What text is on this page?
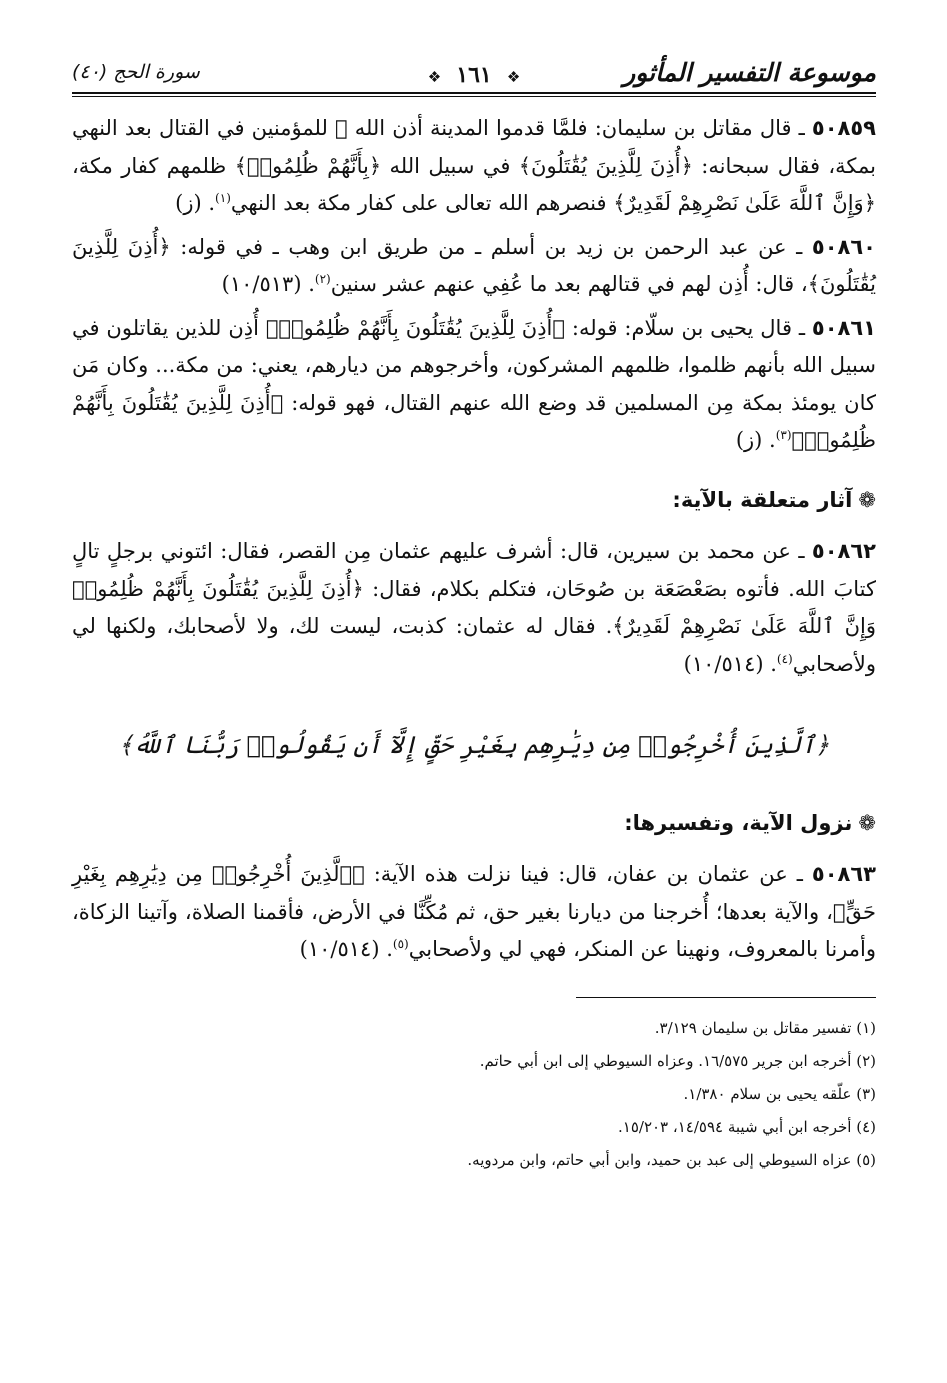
موسوعة التفسير المأثور
❖ ١٦١ ❖
سورة الحج (٤٠)

٥٠٨٥٩ ـ قال مقاتل بن سليمان: فلمَّا قدموا المدينة أذن الله ﷻ للمؤمنين في القتال بعد النهي بمكة، فقال سبحانه: ﴿أُذِنَ لِلَّذِينَ يُقَٰتَلُونَ﴾ في سبيل الله ﴿بِأَنَّهُمْ ظُلِمُوا۟﴾ ظلمهم كفار مكة، ﴿وَإِنَّ ٱللَّهَ عَلَىٰ نَصْرِهِمْ لَقَدِيرٌ﴾ فنصرهم الله تعالى على كفار مكة بعد النهي$^{(١)}$. (ز)

٥٠٨٦٠ ـ عن عبد الرحمن بن زيد بن أسلم ـ من طريق ابن وهب ـ في قوله: ﴿أُذِنَ لِلَّذِينَ يُقَٰتَلُونَ﴾، قال: أُذِن لهم في قتالهم بعد ما عُفِي عنهم عشر سنين$^{(٢)}$. (١٠/٥١٣)

٥٠٨٦١ ـ قال يحيى بن سلّام: قوله: ﴿أُذِنَ لِلَّذِينَ يُقَٰتَلُونَ بِأَنَّهُمْ ظُلِمُوا۟﴾ أُذِن للذين يقاتلون في سبيل الله بأنهم ظلموا، ظلمهم المشركون، وأخرجوهم من ديارهم، يعني: من مكة... وكان مَن كان يومئذ بمكة مِن المسلمين قد وضع الله عنهم القتال، فهو قوله: ﴿أُذِنَ لِلَّذِينَ يُقَٰتَلُونَ بِأَنَّهُمْ ظُلِمُوا۟﴾$^{(٣)}$. (ز)

❁آثار متعلقة بالآية:

٥٠٨٦٢ ـ عن محمد بن سيرين، قال: أشرف عليهم عثمان مِن القصر، فقال: ائتوني برجلٍ تالٍ كتابَ الله. فأتوه بصَعْصَعَة بن صُوحَان، فتكلم بكلام، فقال: ﴿أُذِنَ لِلَّذِينَ يُقَٰتَلُونَ بِأَنَّهُمْ ظُلِمُوا۟ وَإِنَّ ٱللَّهَ عَلَىٰ نَصْرِهِمْ لَقَدِيرٌ﴾. فقال له عثمان: كذبت، ليست لك، ولا لأصحابك، ولكنها لي ولأصحابي$^{(٤)}$. (١٠/٥١٤)

﴿ٱلَّذِينَ أُخْرِجُوا۟ مِن دِيَٰرِهِم بِغَيْرِ حَقٍّ إِلَّآ أَن يَقُولُوا۟ رَبُّنَا ٱللَّهُ﴾
❁نزول الآية، وتفسيرها:

٥٠٨٦٣ ـ عن عثمان بن عفان، قال: فينا نزلت هذه الآية: ﴿ٱلَّذِينَ أُخْرِجُوا۟ مِن دِيَٰرِهِم بِغَيْرِ حَقٍّ﴾، والآية بعدها؛ أُخرجنا من ديارنا بغير حق، ثم مُكِّنَّا في الأرض، فأقمنا الصلاة، وآتينا الزكاة، وأمرنا بالمعروف، ونهينا عن المنكر، فهي لي ولأصحابي$^{(٥)}$. (١٠/٥١٤)

(١) تفسير مقاتل بن سليمان ٣/١٢٩.
(٢) أخرجه ابن جرير ١٦/٥٧٥. وعزاه السيوطي إلى ابن أبي حاتم.
(٣) علّقه يحيى بن سلام ١/٣٨٠.
(٤) أخرجه ابن أبي شيبة ١٤/٥٩٤، ١٥/٢٠٣.
(٥) عزاه السيوطي إلى عبد بن حميد، وابن أبي حاتم، وابن مردويه.
